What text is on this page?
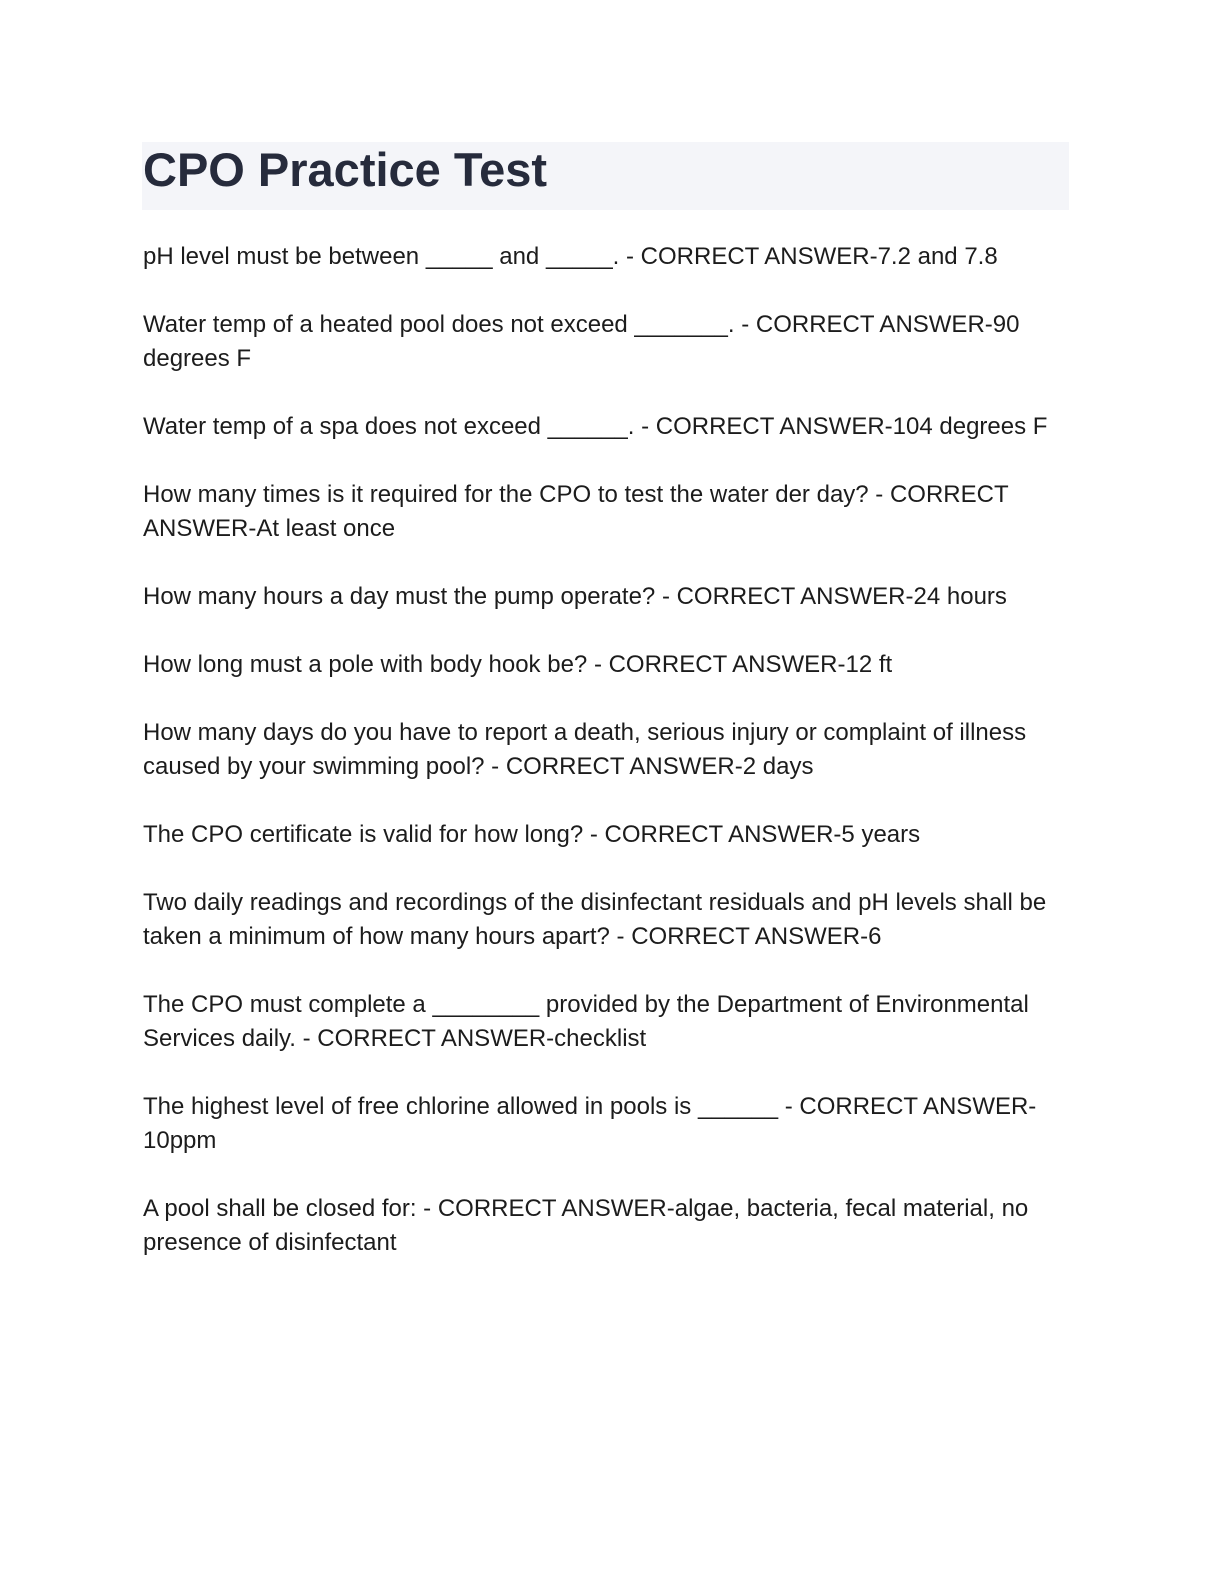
CPO Practice Test
pH level must be between _____ and _____. - CORRECT ANSWER-7.2 and 7.8
Water temp of a heated pool does not exceed _______. - CORRECT ANSWER-90 degrees F
Water temp of a spa does not exceed ______. - CORRECT ANSWER-104 degrees F
How many times is it required for the CPO to test the water der day? - CORRECT ANSWER-At least once
How many hours a day must the pump operate? - CORRECT ANSWER-24 hours
How long must a pole with body hook be? - CORRECT ANSWER-12 ft
How many days do you have to report a death, serious injury or complaint of illness caused by your swimming pool? - CORRECT ANSWER-2 days
The CPO certificate is valid for how long? - CORRECT ANSWER-5 years
Two daily readings and recordings of the disinfectant residuals and pH levels shall be taken a minimum of how many hours apart? - CORRECT ANSWER-6
The CPO must complete a ________ provided by the Department of Environmental Services daily. - CORRECT ANSWER-checklist
The highest level of free chlorine allowed in pools is ______ - CORRECT ANSWER-10ppm
A pool shall be closed for: - CORRECT ANSWER-algae, bacteria, fecal material, no presence of disinfectant
